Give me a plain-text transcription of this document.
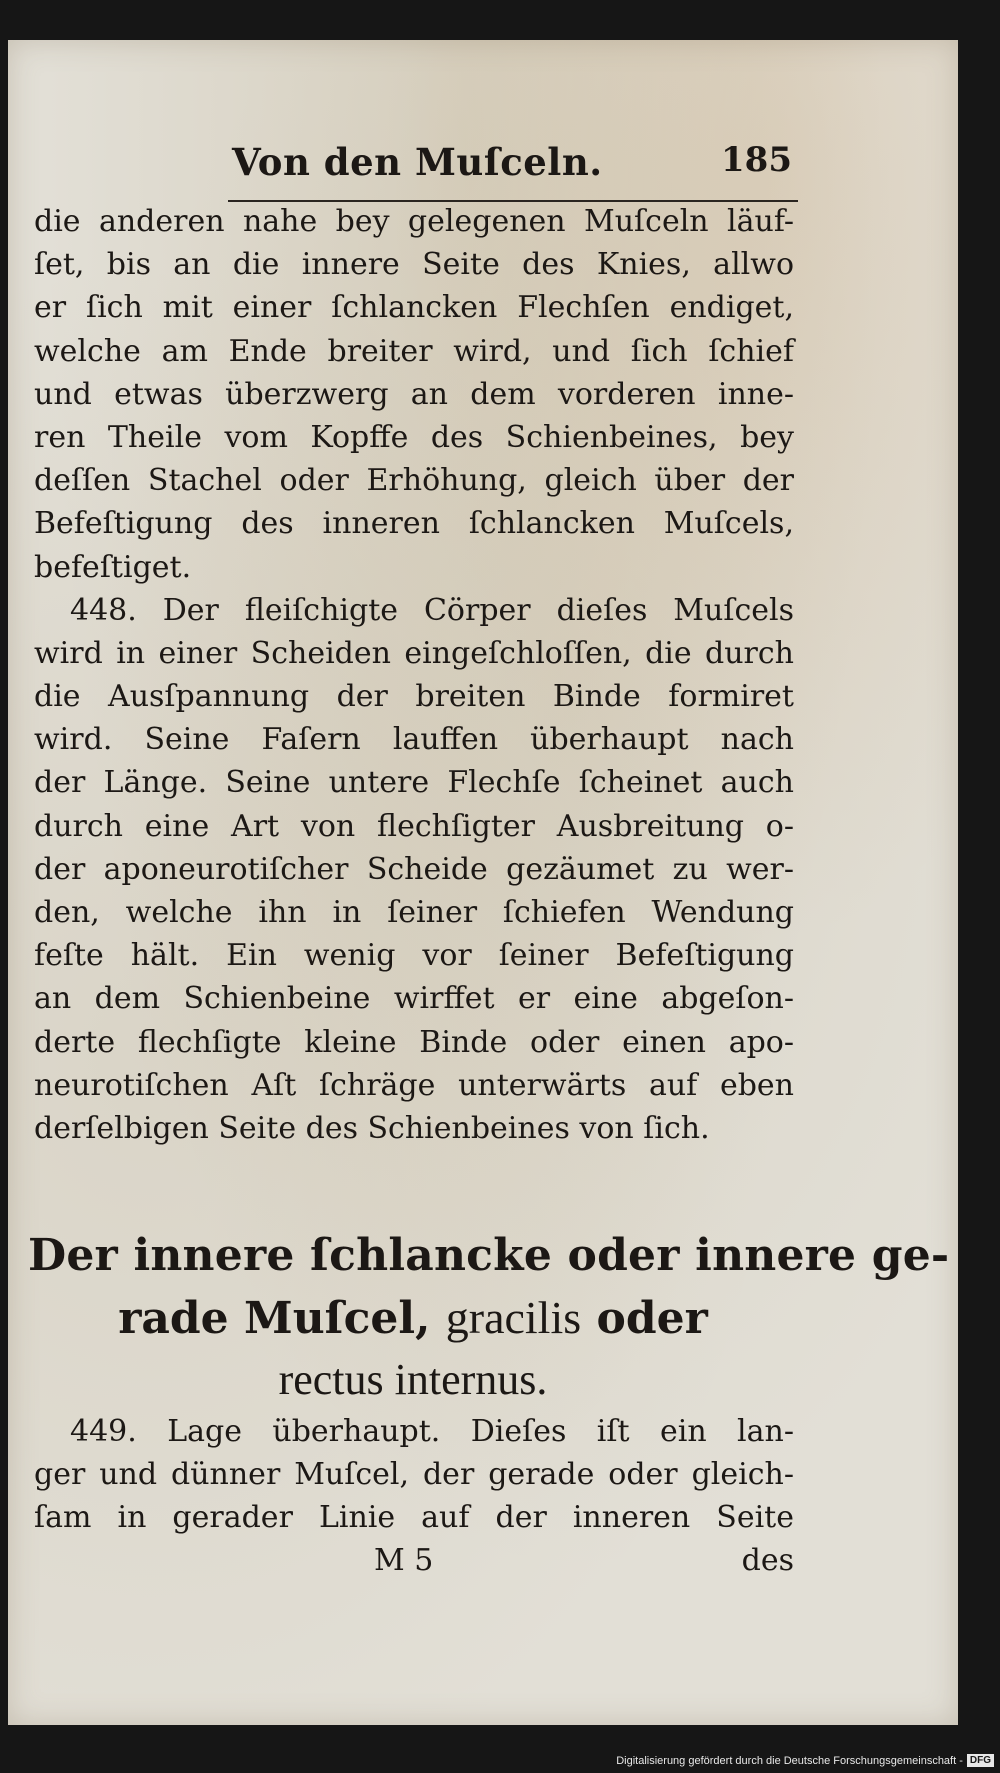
Von den Muſceln.	185
die anderen nahe bey gelegenen Muſceln läuf-
ſet, bis an die innere Seite des Knies, allwo
er ſich mit einer ſchlancken Flechſen endiget,
welche am Ende breiter wird, und ſich ſchief
und etwas überzwerg an dem vorderen inne-
ren Theile vom Kopffe des Schienbeines, bey
deſſen Stachel oder Erhöhung, gleich über der
Befeſtigung des inneren ſchlancken Muſcels,
befeſtiget.
448. Der fleiſchigte Cörper dieſes Muſcels
wird in einer Scheiden eingeſchloſſen, die durch
die Ausſpannung der breiten Binde formiret
wird. Seine Faſern lauffen überhaupt nach
der Länge. Seine untere Flechſe ſcheinet auch
durch eine Art von flechſigter Ausbreitung o-
der aponeurotiſcher Scheide gezäumet zu wer-
den, welche ihn in ſeiner ſchiefen Wendung
feſte hält. Ein wenig vor ſeiner Befeſtigung
an dem Schienbeine wirffet er eine abgeſon-
derte flechſigte kleine Binde oder einen apo-
neurotiſchen Aſt ſchräge unterwärts auf eben
derſelbigen Seite des Schienbeines von ſich.
Der innere ſchlancke oder innere ge-
rade Muſcel, gracilis oder
rectus internus.
449. Lage überhaupt. Dieſes iſt ein lan-
ger und dünner Muſcel, der gerade oder gleich-
ſam in gerader Linie auf der inneren Seite
M 5	des
Digitalisierung gefördert durch die Deutsche Forschungsgemeinschaft - DFG
